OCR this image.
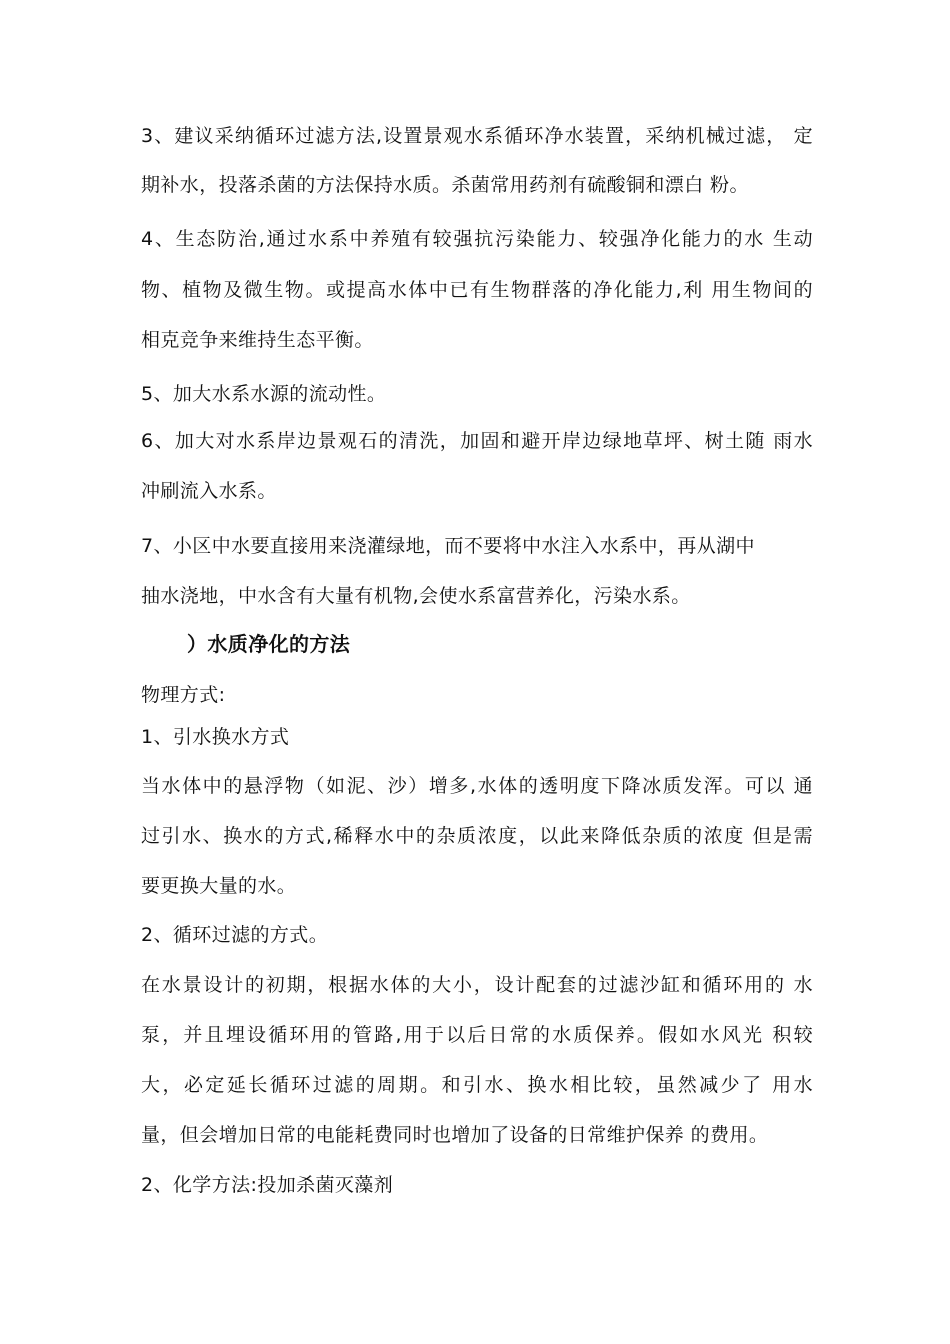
3、建议采纳循环过滤方法,设置景观水系循环净水装置，采纳机械过滤， 定
期补水，投落杀菌的方法保持水质。杀菌常用药剂有硫酸铜和漂白 粉。
4、生态防治,通过水系中养殖有较强抗污染能力、较强净化能力的水 生动
物、植物及微生物。或提高水体中已有生物群落的净化能力,利 用生物间的
相克竞争来维持生态平衡。
5、加大水系水源的流动性。
6、加大对水系岸边景观石的清洗，加固和避开岸边绿地草坪、树土随 雨水
冲刷流入水系。
7、小区中水要直接用来浇灌绿地，而不要将中水注入水系中，再从湖中
抽水浇地，中水含有大量有机物,会使水系富营养化，污染水系。
）水质净化的方法
物理方式:
1、引水换水方式
当水体中的悬浮物（如泥、沙）增多,水体的透明度下降冰质发浑。可以 通
过引水、换水的方式,稀释水中的杂质浓度，以此来降低杂质的浓度 但是需
要更换大量的水。
2、循环过滤的方式。
在水景设计的初期，根据水体的大小，设计配套的过滤沙缸和循环用的 水
泵，并且埋设循环用的管路,用于以后日常的水质保养。假如水风光 积较
大，必定延长循环过滤的周期。和引水、换水相比较，虽然减少了 用水
量，但会增加日常的电能耗费同时也增加了设备的日常维护保养 的费用。
2、化学方法:投加杀菌灭藻剂
